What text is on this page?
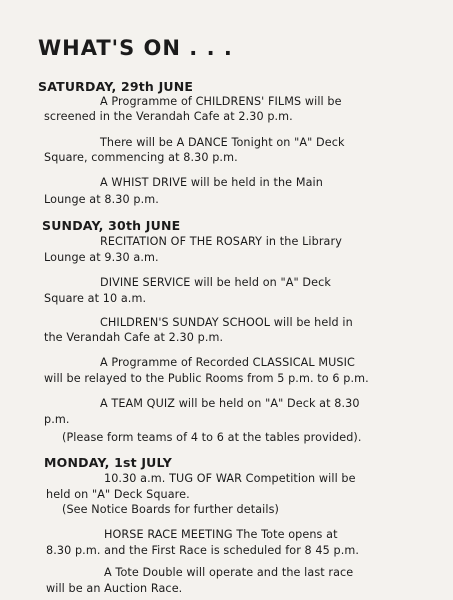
WHAT'S ON . . .
SATURDAY, 29th JUNE
A Programme of CHILDRENS' FILMS will be
screened in the Verandah Cafe at 2.30 p.m.
There will be A DANCE Tonight on "A" Deck
Square, commencing at 8.30 p.m.
A WHIST DRIVE will be held in the Main
Lounge at 8.30 p.m.
SUNDAY, 30th JUNE
RECITATION OF THE ROSARY in the Library
Lounge at 9.30 a.m.
DIVINE SERVICE will be held on "A" Deck
Square at 10 a.m.
CHILDREN'S SUNDAY SCHOOL will be held in
the Verandah Cafe at 2.30 p.m.
A Programme of Recorded CLASSICAL MUSIC
will be relayed to the Public Rooms from 5 p.m. to 6 p.m.
A TEAM QUIZ will be held on "A" Deck at 8.30
p.m.
(Please form teams of 4 to 6 at the tables provided).
MONDAY, 1st JULY
10.30 a.m. TUG OF WAR Competition will be
held on "A" Deck Square.
(See Notice Boards for further details)
HORSE RACE MEETING The Tote opens at
8.30 p.m. and the First Race is scheduled for 8 45 p.m.
A Tote Double will operate and the last race
will be an Auction Race.
